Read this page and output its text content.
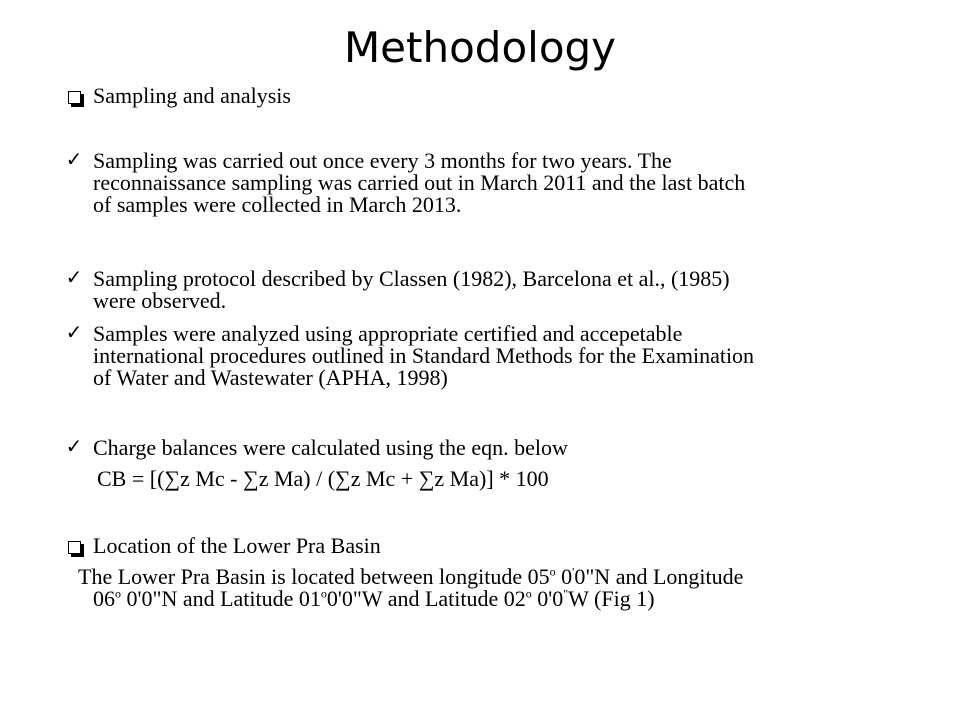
Methodology
Sampling and analysis
✓ Sampling was carried out once every 3 months for two years. The
reconnaissance sampling was carried out in March 2011 and the last batch
of samples were collected in March 2013.
✓ Sampling protocol described by Classen (1982), Barcelona et al., (1985)
were observed.
✓ Samples were analyzed using appropriate certified and accepetable
international procedures outlined in Standard Methods for the Examination
of Water and Wastewater (APHA, 1998)
✓ Charge balances were calculated using the eqn. below
CB = [(∑z Mc - ∑z Ma) / (∑z Mc + ∑z Ma)] * 100
Location of the Lower Pra Basin
The Lower Pra Basin is located between longitude 05$^o$ 0'0"N and Longitude
06$^o$ 0'0"N and Latitude 01$^o$0'0"W and Latitude 02$^o$ 0'0"W (Fig 1)
